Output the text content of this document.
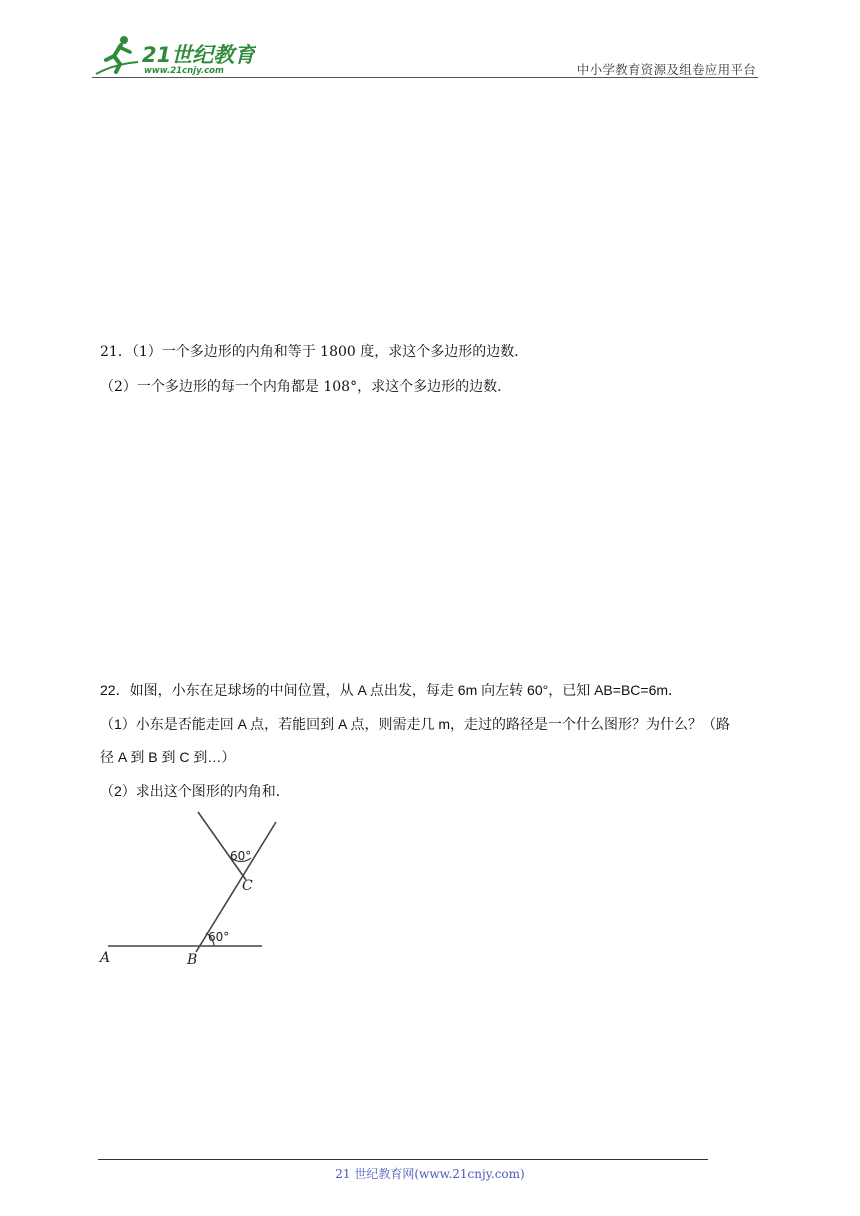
21世纪教育
www.21cnjy.com	中小学教育资源及组卷应用平台
21．（1）一个多边形的内角和等于 1800 度，求这个多边形的边数．
（2）一个多边形的每一个内角都是 108°，求这个多边形的边数．
22．如图，小东在足球场的中间位置，从 A 点出发，每走 6m 向左转 60°，已知 AB=BC=6m．
（1）小东是否能走回 A 点，若能回到 A 点，则需走几 m，走过的路径是一个什么图形？为什么？（路
径 A 到 B 到 C 到…）
（2）求出这个图形的内角和．
60°
60°
C
A	B
21 世纪教育网(www.21cnjy.com)
